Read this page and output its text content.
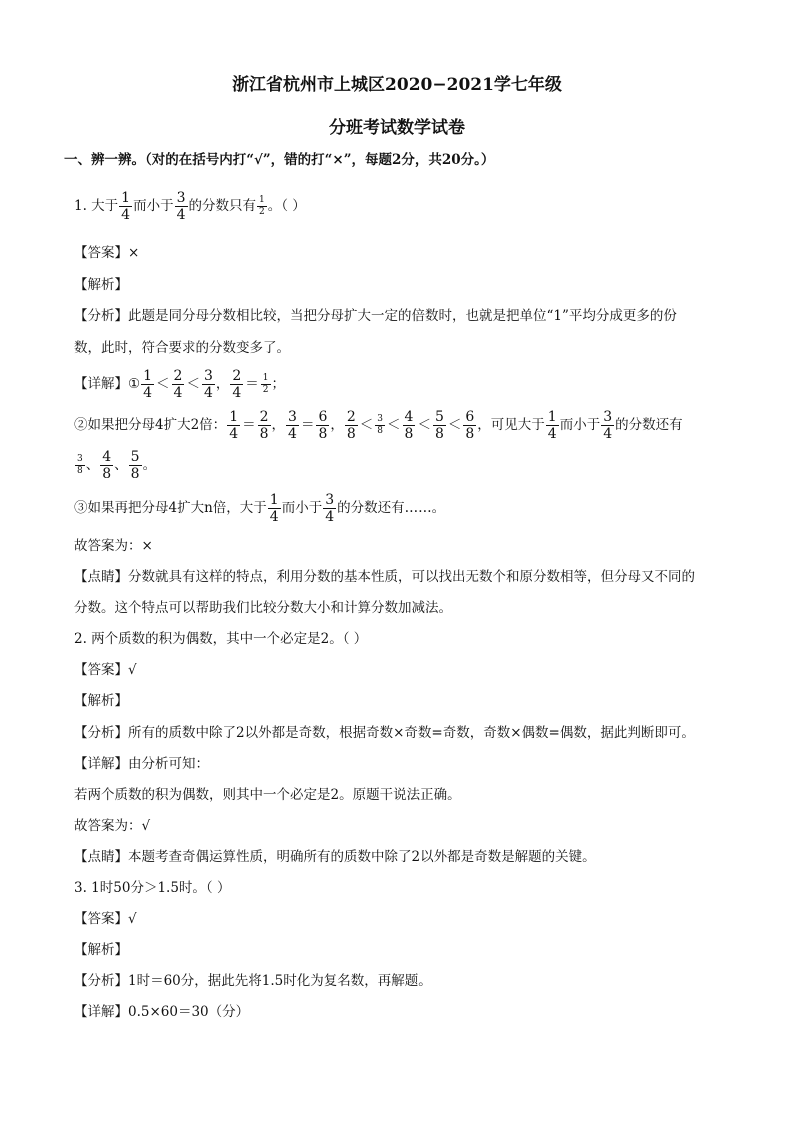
浙江省杭州市上城区2020−2021学七年级
分班考试数学试卷
一、辨一辨。（对的在括号内打“√”，错的打“×”，每题2分，共20分。）
1. 大于 $\frac{1}{4}$ 而小于 $\frac{3}{4}$ 的分数只有 $\frac{1}{2}$ 。（ ）
【答案】×
【解析】
【分析】此题是同分母分数相比较，当把分母扩大一定的倍数时，也就是把单位“1”平均分成更多的份
数，此时，符合要求的分数变多了。
【详解】 ① $\frac{1}{4} < \frac{2}{4} < \frac{3}{4}$ ， $\frac{2}{4} = \frac{1}{2}$ ；
②如果把分母4扩大2倍： $\frac{1}{4} = \frac{2}{8}$ ， $\frac{3}{4} = \frac{6}{8}$ ， $\frac{2}{8} < \frac{3}{8} < \frac{4}{8} < \frac{5}{8} < \frac{6}{8}$ ，可见大于 $\frac{1}{4}$ 而小于 $\frac{3}{4}$ 的分数还有
$\frac{3}{8}$ 、 $\frac{4}{8}$ 、 $\frac{5}{8}$ 。
③如果再把分母4扩大n倍，大于 $\frac{1}{4}$ 而小于 $\frac{3}{4}$ 的分数还有……。
故答案为：×
【点睛】分数就具有这样的特点，利用分数的基本性质，可以找出无数个和原分数相等，但分母又不同的
分数。这个特点可以帮助我们比较分数大小和计算分数加减法。
2. 两个质数的积为偶数，其中一个必定是2。（ ）
【答案】√
【解析】
【分析】所有的质数中除了2以外都是奇数，根据奇数×奇数=奇数，奇数×偶数=偶数，据此判断即可。
【详解】由分析可知：
若两个质数的积为偶数，则其中一个必定是2。原题干说法正确。
故答案为：√
【点睛】本题考查奇偶运算性质，明确所有的质数中除了2以外都是奇数是解题的关键。
3. 1时50分＞1.5时。（ ）
【答案】√
【解析】
【分析】1时＝60分，据此先将1.5时化为复名数，再解题。
【详解】0.5×60＝30（分）
